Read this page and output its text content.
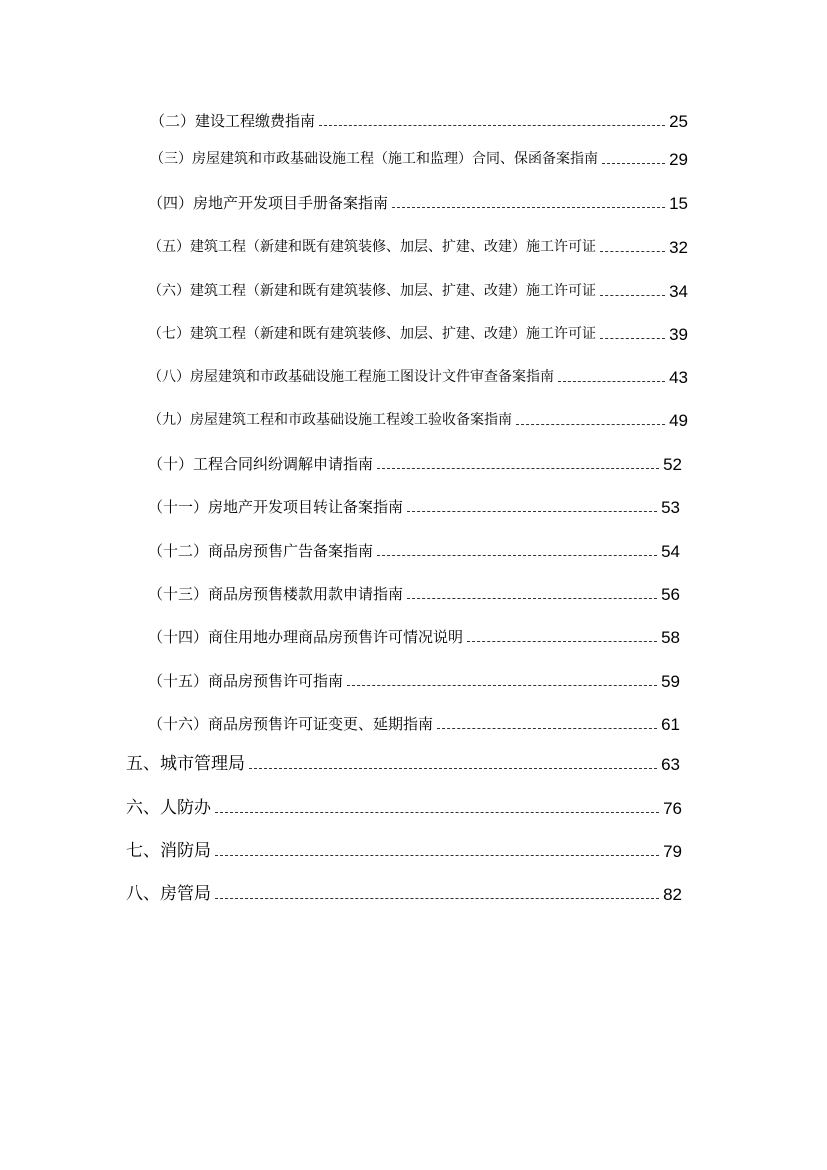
（二）建设工程缴费指南	25
（三）房屋建筑和市政基础设施工程（施工和监理）合同、保函备案指南	29
（四）房地产开发项目手册备案指南	15
（五）建筑工程（新建和既有建筑装修、加层、扩建、改建）施工许可证	32
（六）建筑工程（新建和既有建筑装修、加层、扩建、改建）施工许可证	34
（七）建筑工程（新建和既有建筑装修、加层、扩建、改建）施工许可证	39
（八）房屋建筑和市政基础设施工程施工图设计文件审查备案指南	43
（九）房屋建筑工程和市政基础设施工程竣工验收备案指南	49
（十）工程合同纠纷调解申请指南	52
（十一）房地产开发项目转让备案指南	53
（十二）商品房预售广告备案指南	54
（十三）商品房预售楼款用款申请指南	56
（十四）商住用地办理商品房预售许可情况说明	58
（十五）商品房预售许可指南	59
（十六）商品房预售许可证变更、延期指南	61
五、城市管理局	63
六、人防办	76
七、消防局	79
八、房管局	82
